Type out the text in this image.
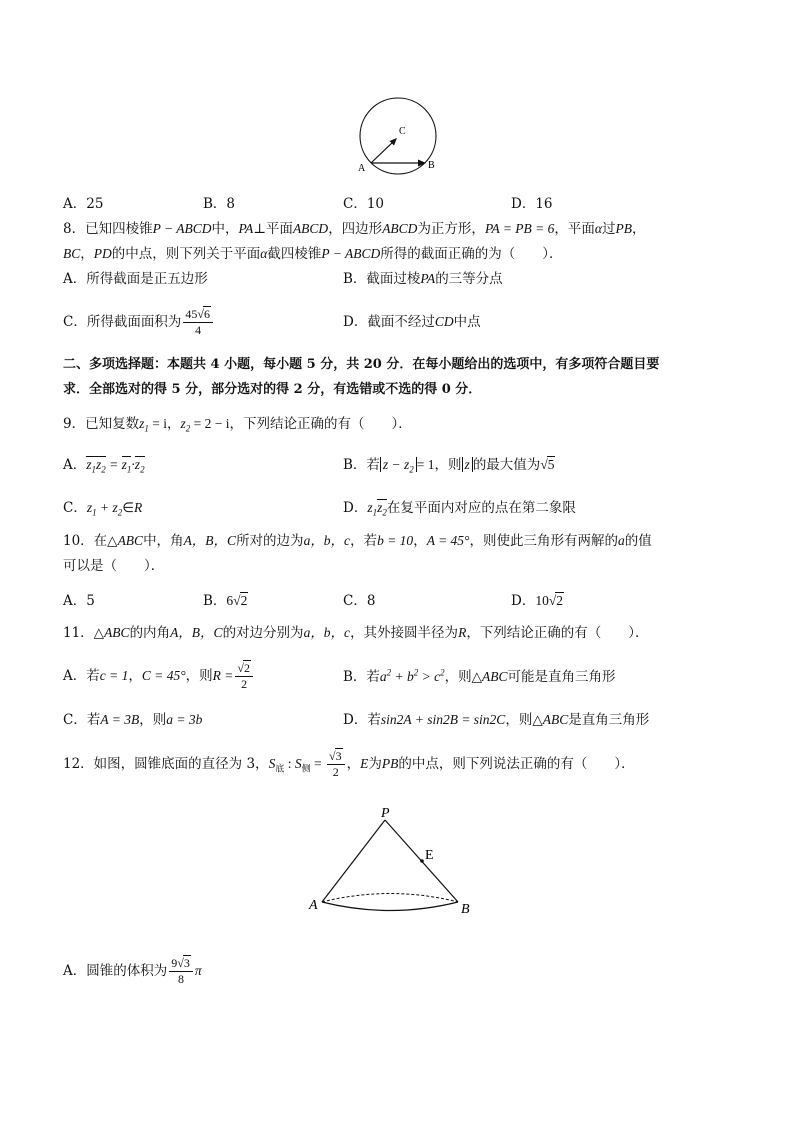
A	B
C
A．25	B．8	C．10	D．16
8．已知四棱锥P − ABCD中，PA⊥平面ABCD，四边形ABCD为正方形，PA = PB = 6，平面α过PB，
BC，PD的中点，则下列关于平面α截四棱锥P − ABCD所得的截面正确的为（　　）．
A．所得截面是正五边形	B．截面过棱PA的三等分点
C．所得截面面积为 $\frac{45√6}{4}$	D．截面不经过CD中点
二、多项选择题：本题共 4 小题，每小题 5 分，共 20 分．在每小题给出的选项中，有多项符合题目要
求．全部选对的得 5 分，部分选对的得 2 分，有选错或不选的得 0 分．
9．已知复数$z_1 = i$，$z_2 = 2 - i$，下列结论正确的有（　　）．
A．$z_1z_2 = z_1\cdot z_2$	B．若 $z - z_2 = 1$，则 z 的最大值为√5
C．$z_1$ + $z_2\in R$	D．$z_1z_2$在复平面内对应的点在第二象限
10．在△ABC中，角A，B，C所对的边为a，b，c，若b = 10，A = 45°，则使此三角形有两解的a的值
可以是（　　）．
A．5	B．6√2	C．8	D．10√2
11．△ABC的内角A，B，C的对边分别为a，b，c，其外接圆半径为R，下列结论正确的有（　　）．
A．若c = 1，C = 45°，则$R = \frac{√2}{2}$	B．若$a^2 + b^2 > c^2$，则△ABC可能是直角三角形
C．若A = 3B，则a = 3b	D．若sin2A + sin2B = sin2C，则△ABC是直角三角形
12．如图，圆锥底面的直径为 3，$S_底$ : $S_侧 = \frac{√3}{2}$ ，E为PB的中点，则下列说法正确的有（　　）．
P
E
A	B
A．圆锥的体积为 $\frac{9√3}{8}$ π
